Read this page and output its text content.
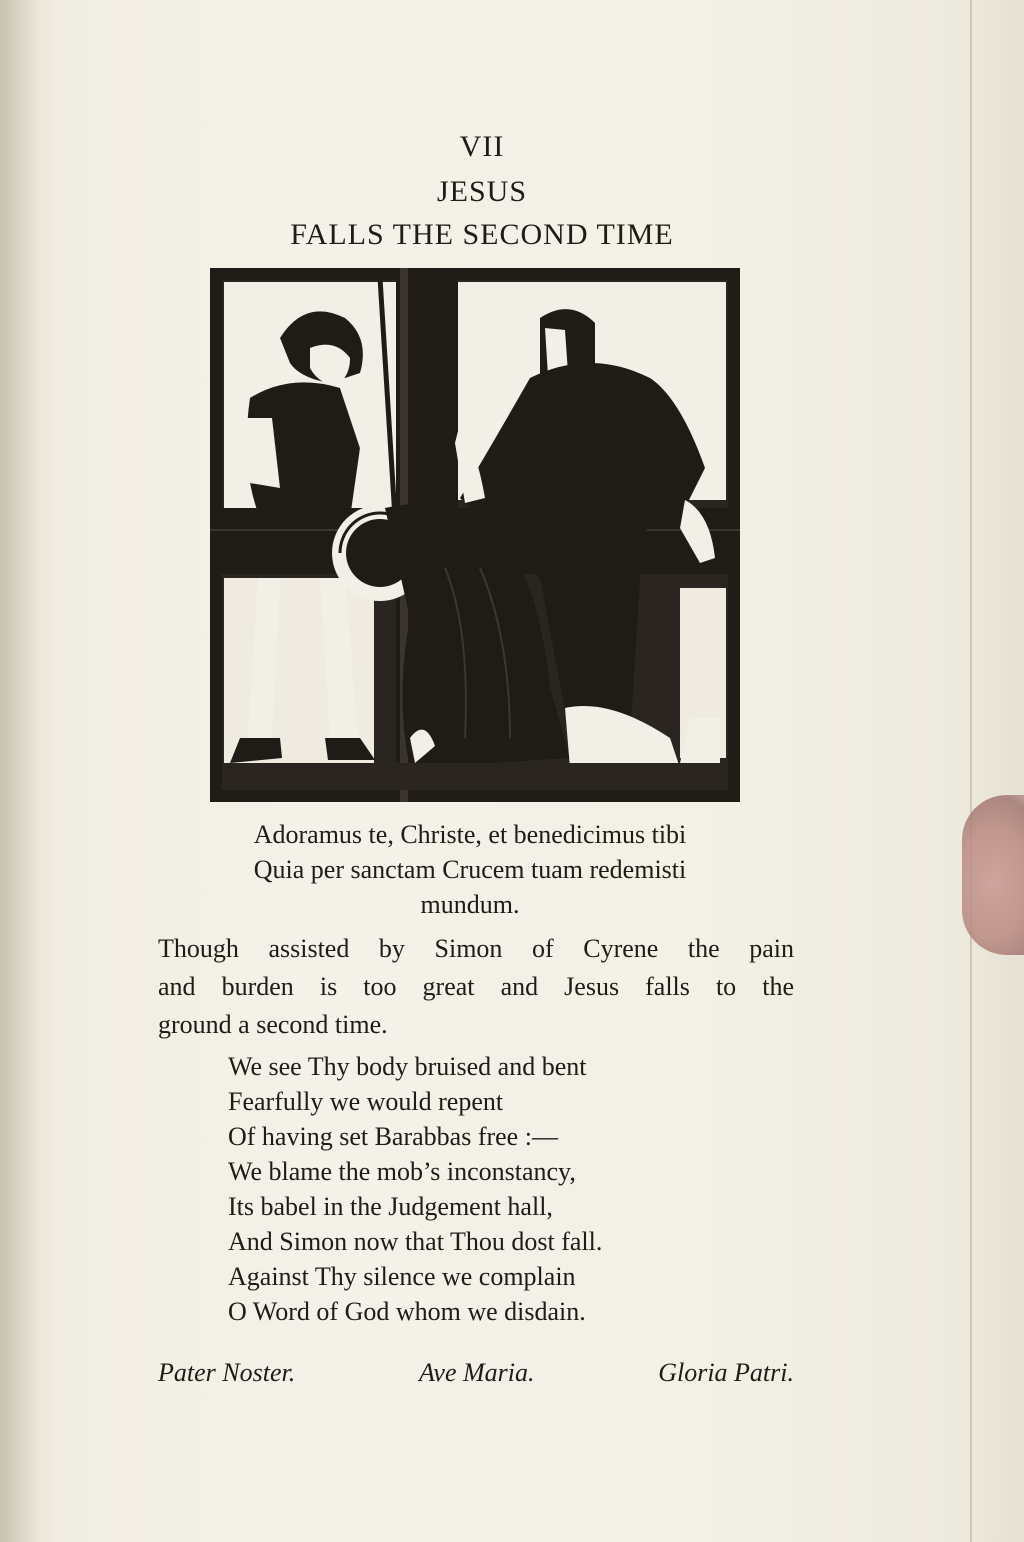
VII
JESUS
FALLS THE SECOND TIME
Adoramus te, Christe, et benedicimus tibi
Quia per sanctam Crucem tuam redemisti
mundum.
Though assisted by Simon of Cyrene the pain
and burden is too great and Jesus falls to the
ground a second time.
We see Thy body bruised and bent
Fearfully we would repent
Of having set Barabbas free :—
We blame the mob’s inconstancy,
Its babel in the Judgement hall,
And Simon now that Thou dost fall.
Against Thy silence we complain
O Word of God whom we disdain.
Pater Noster.	Ave Maria.	Gloria Patri.
